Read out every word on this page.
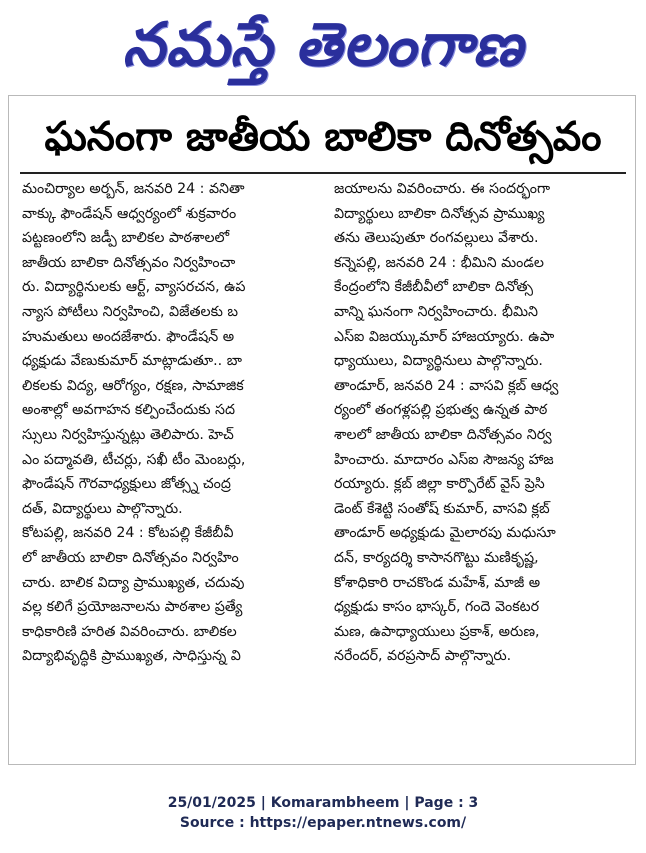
నమస్తే తెలంగాణ
ఘనంగా జాతీయ బాలికా దినోత్సవం
మంచిర్యాల అర్బన్, జనవరి 24 : వనితా
వాక్కు ఫౌండేషన్ ఆధ్వర్యంలో శుక్రవారం
పట్టణంలోని జడ్పీ బాలికల పాఠశాలలో
జాతీయ బాలికా దినోత్సవం నిర్వహించా
రు. విద్యార్థినులకు ఆర్ట్, వ్యాసరచన, ఉప
న్యాస పోటీలు నిర్వహించి, విజేతలకు బ
హుమతులు అందజేశారు. ఫౌండేషన్ అ
ధ్యక్షుడు వేణుకుమార్ మాట్లాడుతూ.. బా
లికలకు విద్య, ఆరోగ్యం, రక్షణ, సామాజిక
అంశాల్లో అవగాహన కల్పించేందుకు సద
స్సులు నిర్వహిస్తున్నట్లు తెలిపారు. హెచ్
ఎం పద్మావతి, టీచర్లు, సఖీ టీం మెంబర్లు,
ఫౌండేషన్ గౌరవాధ్యక్షులు జోత్స్న చంద్ర
దత్, విద్యార్థులు పాల్గొన్నారు.
కోటపల్లి, జనవరి 24 : కోటపల్లి కేజీబీవీ
లో జాతీయ బాలికా దినోత్సవం నిర్వహిం
చారు. బాలిక విద్యా ప్రాముఖ్యత, చదువు
వల్ల కలిగే ప్రయోజనాలను పాఠశాల ప్రత్యే
కాధికారిణి హరిత వివరించారు. బాలికల
విద్యాభివృద్ధికి ప్రాముఖ్యత, సాధిస్తున్న వి
జయాలను వివరించారు. ఈ సందర్భంగా
విద్యార్థులు బాలికా దినోత్సవ ప్రాముఖ్య
తను తెలుపుతూ రంగవల్లులు వేశారు.
కన్నెపల్లి, జనవరి 24 : భీమిని మండల
కేంద్రంలోని కేజీబీవీలో బాలికా దినోత్స
వాన్ని ఘనంగా నిర్వహించారు. భీమిని
ఎస్ఐ విజయ్కుమార్ హాజయ్యారు. ఉపా
ధ్యాయులు, విద్యార్థినులు పాల్గొన్నారు.
తాండూర్, జనవరి 24 : వాసవి క్లబ్ ఆధ్వ
ర్యంలో తంగళ్లపల్లి ప్రభుత్వ ఉన్నత పాఠ
శాలలో జాతీయ బాలికా దినోత్సవం నిర్వ
హించారు. మాదారం ఎస్ఐ సౌజన్య హాజ
రయ్యారు. క్లబ్ జిల్లా కార్పొరేట్ వైస్ ప్రెసి
డెంట్ కేశెట్టి సంతోష్ కుమార్, వాసవి క్లబ్
తాండూర్ అధ్యక్షుడు మైలారపు మధుసూ
దన్, కార్యదర్శి కాసానగొట్టు మణికృష్ణ,
కోశాధికారి రాచకొండ మహేశ్, మాజీ అ
ధ్యక్షుడు కాసం భాస్కర్, గందె వెంకటర
మణ, ఉపాధ్యాయులు ప్రకాశ్, అరుణ,
నరేందర్, వరప్రసాద్ పాల్గొన్నారు.
25/01/2025 | Komarambheem | Page : 3
Source : https://epaper.ntnews.com/
